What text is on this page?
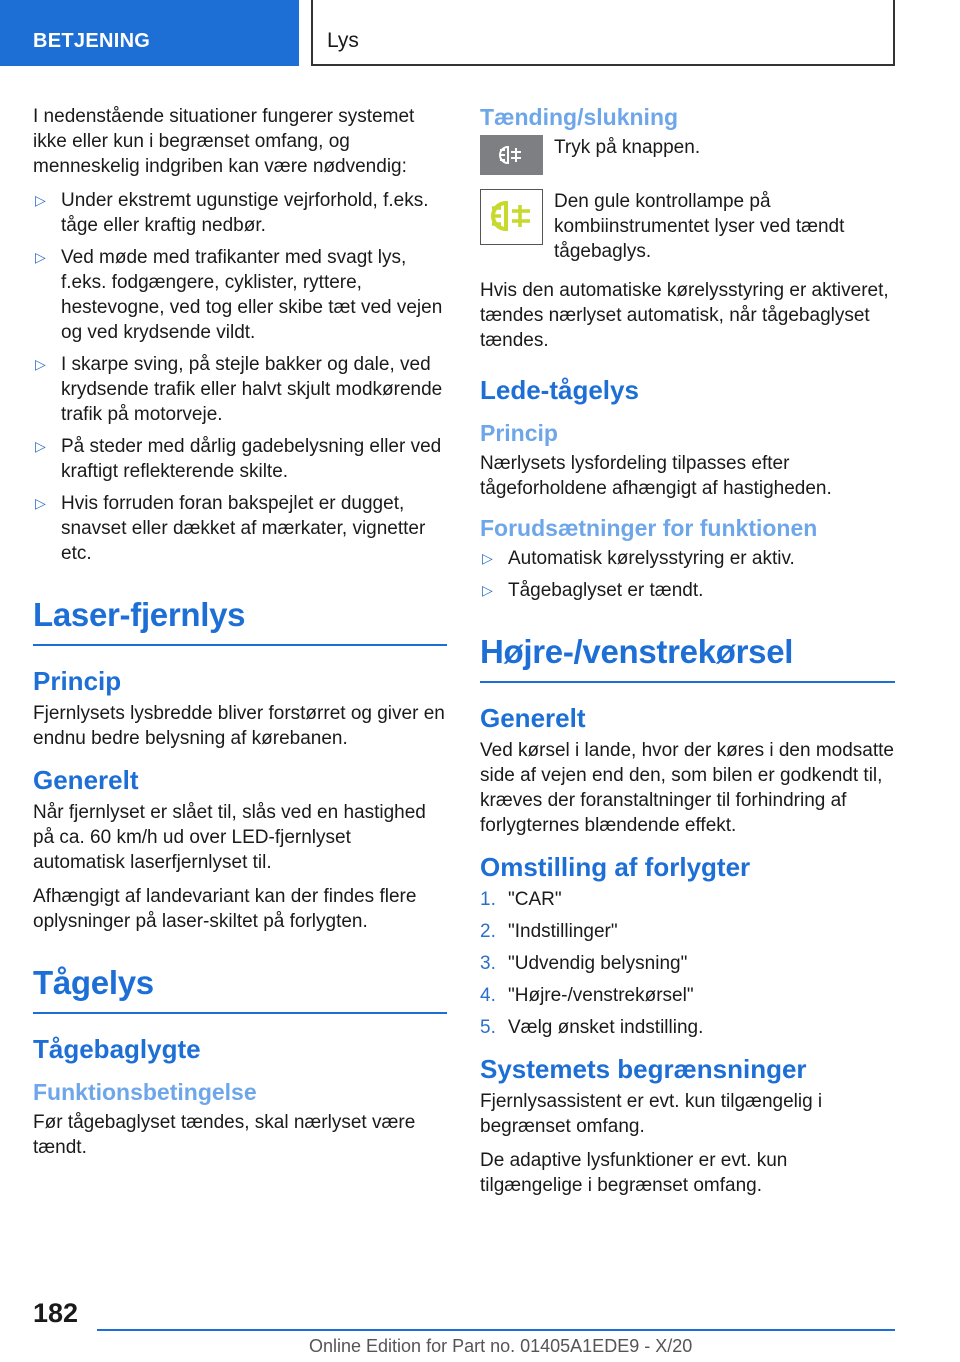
BETJENING	Lys

I nedenstående situationer fungerer systemet ikke eller kun i begrænset omfang, og menneskelig indgriben kan være nødvendig:

▷ Under ekstremt ugunstige vejrforhold, f.eks. tåge eller kraftig nedbør.
▷ Ved møde med trafikanter med svagt lys, f.eks. fodgængere, cyklister, ryttere, hestevogne, ved tog eller skibe tæt ved vejen og ved krydsende vildt.
▷ I skarpe sving, på stejle bakker og dale, ved krydsende trafik eller halvt skjult modkørende trafik på motorveje.
▷ På steder med dårlig gadebelysning eller ved kraftigt reflekterende skilte.
▷ Hvis forruden foran bakspejlet er dugget, snavset eller dækket af mærkater, vignetter etc.
Laser-fjernlys
Princip

Fjernlysets lysbredde bliver forstørret og giver en endnu bedre belysning af kørebanen.

Generelt

Når fjernlyset er slået til, slås ved en hastighed på ca. 60 km/h ud over LED-fjernlyset automatisk laserfjernlyset til.

Afhængigt af landevariant kan der findes flere oplysninger på laser-skiltet på forlygten.

Tågelys
Tågebaglygte
Funktionsbetingelse

Før tågebaglyset tændes, skal nærlyset være tændt.

Tænding/slukning
Tryk på knappen.
Den gule kontrollampe på kombiinstrumentet lyser ved tændt tågebaglys.

Hvis den automatiske kørelysstyring er aktiveret, tændes nærlyset automatisk, når tågebaglyset tændes.

Lede-tågelys
Princip

Nærlysets lysfordeling tilpasses efter tågeforholdene afhængigt af hastigheden.

Forudsætninger for funktionen
▷ Automatisk kørelysstyring er aktiv.
▷ Tågebaglyset er tændt.
Højre-/venstrekørsel
Generelt

Ved kørsel i lande, hvor der køres i den modsatte side af vejen end den, som bilen er godkendt til, kræves der foranstaltninger til forhindring af forlygternes blændende effekt.

Omstilling af forlygter
1. "CAR"
2. "Indstillinger"
3. "Udvendig belysning"
4. "Højre-/venstrekørsel"
5. Vælg ønsket indstilling.
Systemets begrænsninger

Fjernlysassistent er evt. kun tilgængelig i begrænset omfang.

De adaptive lysfunktioner er evt. kun tilgængelige i begrænset omfang.

182
Online Edition for Part no. 01405A1EDE9 - X/20
